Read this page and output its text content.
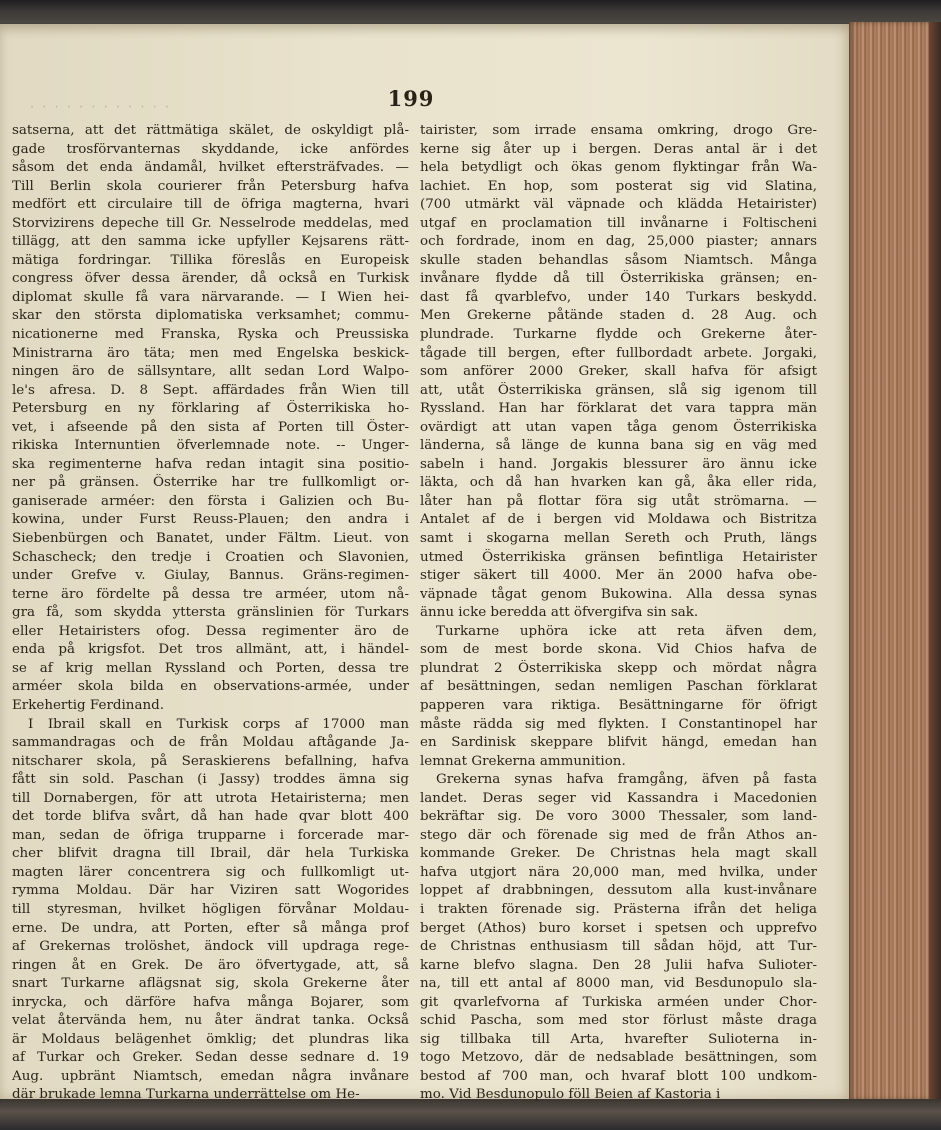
· · · · · · · · · · · ·	199
satserna, att det rättmätiga skälet, de oskyldigt plå-
gade trosförvanternas skyddande, icke anfördes
såsom det enda ändamål, hvilket eftersträfvades. —
Till Berlin skola courierer från Petersburg hafva
medfört ett circulaire till de öfriga magterna, hvari
Storvizirens depeche till Gr. Nesselrode meddelas, med
tillägg, att den samma icke upfyller Kejsarens rätt-
mätiga fordringar. Tillika föreslås en Europeisk
congress öfver dessa ärender, då också en Turkisk
diplomat skulle få vara närvarande. — I Wien hei-
skar den största diplomatiska verksamhet; commu-
nicationerne med Franska, Ryska och Preussiska
Ministrarna äro täta; men med Engelska beskick-
ningen äro de sällsyntare, allt sedan Lord Walpo-
le's afresa. D. 8 Sept. affärdades från Wien till
Petersburg en ny förklaring af Österrikiska ho-
vet, i afseende på den sista af Porten till Öster-
rikiska Internuntien öfverlemnade note. -- Unger-
ska regimenterne hafva redan intagit sina positio-
ner på gränsen. Österrike har tre fullkomligt or-
ganiserade arméer: den första i Galizien och Bu-
kowina, under Furst Reuss-Plauen; den andra i
Siebenbürgen och Banatet, under Fältm. Lieut. von
Schascheck; den tredje i Croatien och Slavonien,
under Grefve v. Giulay, Bannus. Gräns-regimen-
terne äro fördelte på dessa tre arméer, utom nå-
gra få, som skydda yttersta gränslinien för Turkars
eller Hetairisters ofog. Dessa regimenter äro de
enda på krigsfot. Det tros allmänt, att, i händel-
se af krig mellan Ryssland och Porten, dessa tre
arméer skola bilda en observations-armée, under
Erkehertig Ferdinand.
I Ibrail skall en Turkisk corps af 17000 man
sammandragas och de från Moldau aftågande Ja-
nitscharer skola, på Seraskierens befallning, hafva
fått sin sold. Paschan (i Jassy) troddes ämna sig
till Dornabergen, för att utrota Hetairisterna; men
det torde blifva svårt, då han hade qvar blott 400
man, sedan de öfriga trupparne i forcerade mar-
cher blifvit dragna till Ibrail, där hela Turkiska
magten lärer concentrera sig och fullkomligt ut-
rymma Moldau. Där har Viziren satt Wogorides
till styresman, hvilket högligen förvånar Moldau-
erne. De undra, att Porten, efter så många prof
af Grekernas trolöshet, ändock vill updraga rege-
ringen åt en Grek. De äro öfvertygade, att, så
snart Turkarne aflägsnat sig, skola Grekerne åter
inrycka, och därföre hafva många Bojarer, som
velat återvända hem, nu åter ändrat tanka. Också
är Moldaus belägenhet ömklig; det plundras lika
af Turkar och Greker. Sedan desse sednare d. 19
Aug. upbränt Niamtsch, emedan några invånare
där brukade lemna Turkarna underrättelse om He-
tairister, som irrade ensama omkring, drogo Gre-
kerne sig åter up i bergen. Deras antal är i det
hela betydligt och ökas genom flyktingar från Wa-
lachiet. En hop, som posterat sig vid Slatina,
(700 utmärkt väl väpnade och klädda Hetairister)
utgaf en proclamation till invånarne i Foltischeni
och fordrade, inom en dag, 25,000 piaster; annars
skulle staden behandlas såsom Niamtsch. Många
invånare flydde då till Österrikiska gränsen; en-
dast få qvarblefvo, under 140 Turkars beskydd.
Men Grekerne påtände staden d. 28 Aug. och
plundrade. Turkarne flydde och Grekerne åter-
tågade till bergen, efter fullbordadt arbete. Jorgaki,
som anförer 2000 Greker, skall hafva för afsigt
att, utåt Österrikiska gränsen, slå sig igenom till
Ryssland. Han har förklarat det vara tappra män
ovärdigt att utan vapen tåga genom Österrikiska
länderna, så länge de kunna bana sig en väg med
sabeln i hand. Jorgakis blessurer äro ännu icke
läkta, och då han hvarken kan gå, åka eller rida,
låter han på flottar föra sig utåt strömarna. —
Antalet af de i bergen vid Moldawa och Bistritza
samt i skogarna mellan Sereth och Pruth, längs
utmed Österrikiska gränsen befintliga Hetairister
stiger säkert till 4000. Mer än 2000 hafva obe-
väpnade tågat genom Bukowina. Alla dessa synas
ännu icke beredda att öfvergifva sin sak.
Turkarne uphöra icke att reta äfven dem,
som de mest borde skona. Vid Chios hafva de
plundrat 2 Österrikiska skepp och mördat några
af besättningen, sedan nemligen Paschan förklarat
papperen vara riktiga. Besättningarne för öfrigt
måste rädda sig med flykten. I Constantinopel har
en Sardinisk skeppare blifvit hängd, emedan han
lemnat Grekerna ammunition.
Grekerna synas hafva framgång, äfven på fasta
landet. Deras seger vid Kassandra i Macedonien
bekräftar sig. De voro 3000 Thessaler, som land-
stego där och förenade sig med de från Athos an-
kommande Greker. De Christnas hela magt skall
hafva utgjort nära 20,000 man, med hvilka, under
loppet af drabbningen, dessutom alla kust-invånare
i trakten förenade sig. Prästerna ifrån det heliga
berget (Athos) buro korset i spetsen och upprefvo
de Christnas enthusiasm till sådan höjd, att Tur-
karne blefvo slagna. Den 28 Julii hafva Sulioter-
na, till ett antal af 8000 man, vid Besdunopulo sla-
git qvarlefvorna af Turkiska arméen under Chor-
schid Pascha, som med stor förlust måste draga
sig tillbaka till Arta, hvarefter Sulioterna in-
togo Metzovo, där de nedsablade besättningen, som
bestod af 700 man, och hvaraf blott 100 undkom-
mo. Vid Besdunopulo föll Beien af Kastoria i
